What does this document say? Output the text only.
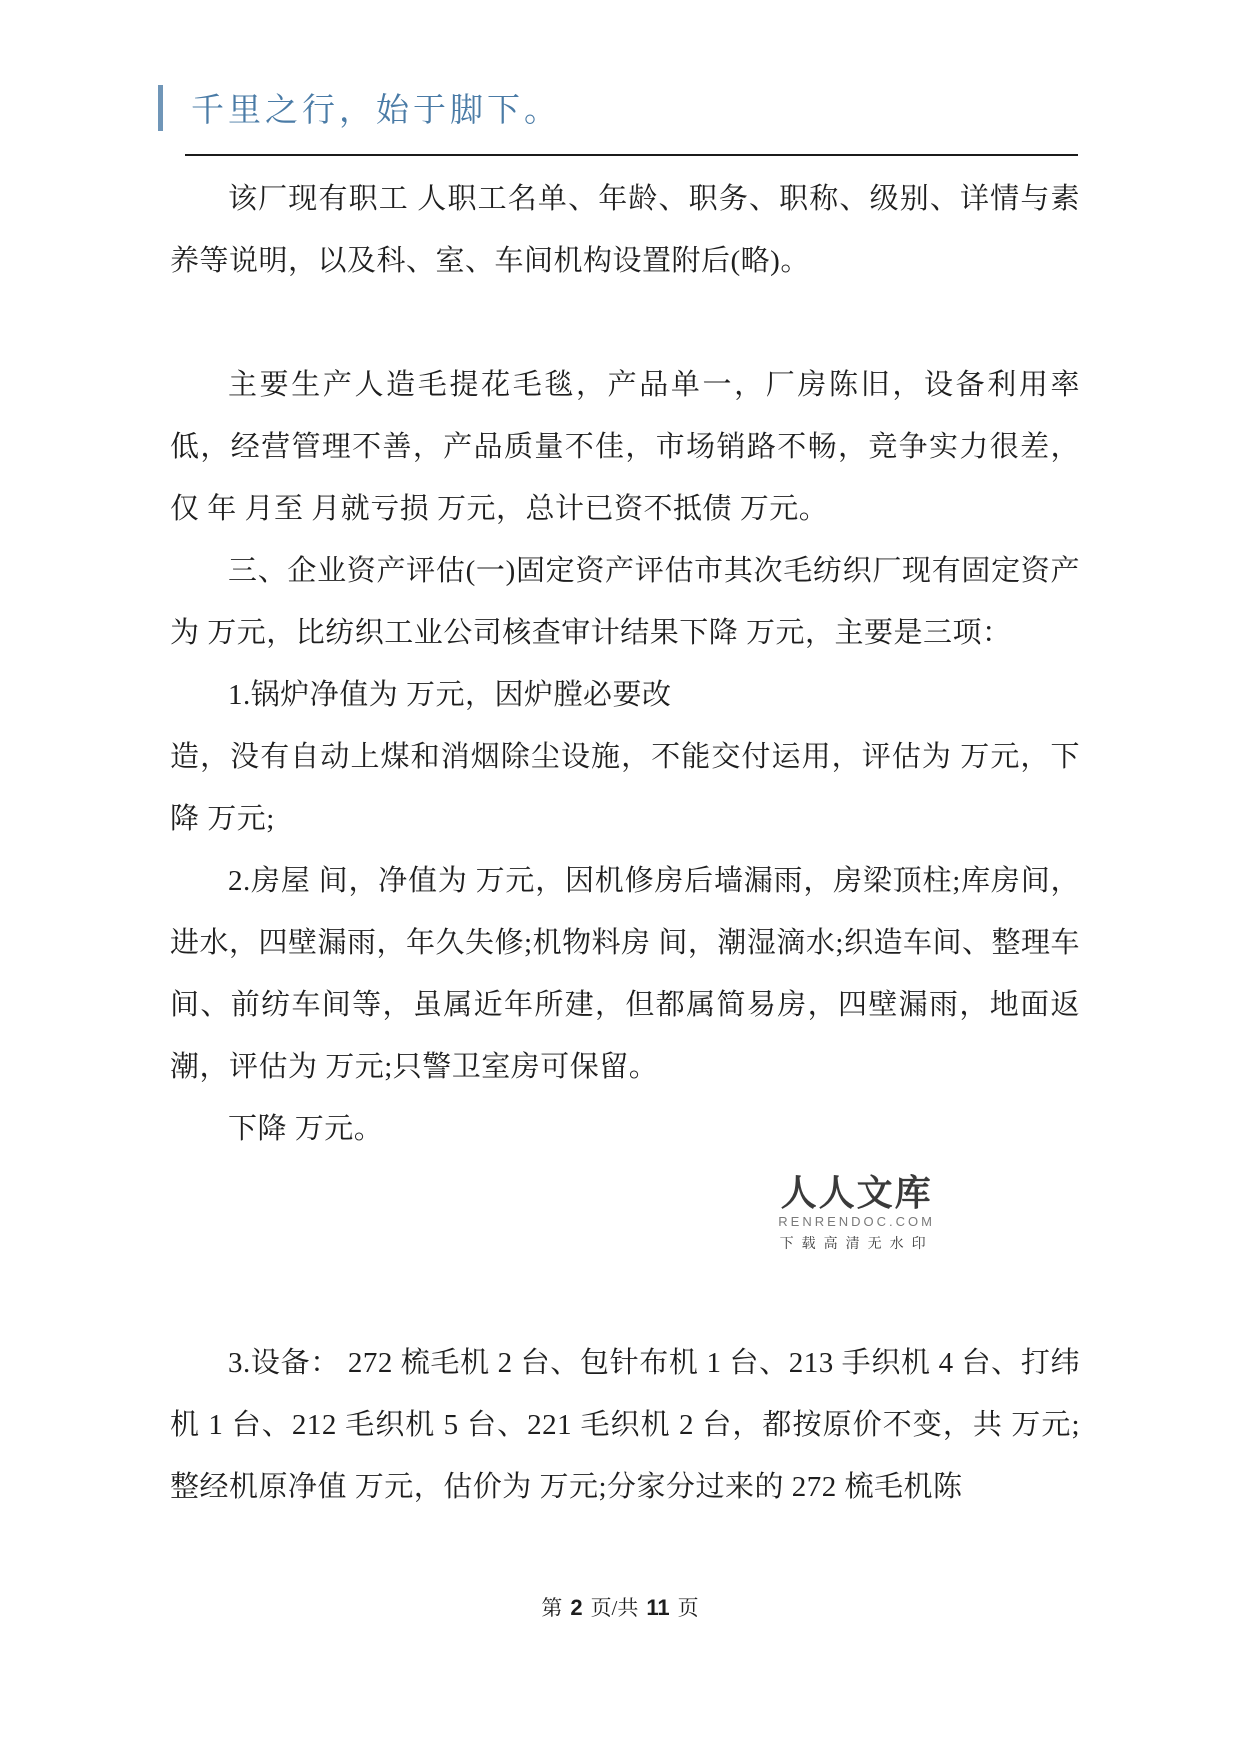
千里之行，始于脚下。

该厂现有职工 人职工名单、年龄、职务、职称、级别、详情与素养等说明，以及科、室、车间机构设置附后(略)。

主要生产人造毛提花毛毯，产品单一，厂房陈旧，设备利用率低，经营管理不善，产品质量不佳，市场销路不畅，竞争实力很差，仅 年 月至 月就亏损 万元，总计已资不抵债 万元。

三、企业资产评估(一)固定资产评估市其次毛纺织厂现有固定资产为 万元，比纺织工业公司核查审计结果下降 万元，主要是三项：

1.锅炉净值为 万元，因炉膛必要改

造，没有自动上煤和消烟除尘设施，不能交付运用，评估为 万元，下降 万元;

2.房屋 间，净值为 万元，因机修房后墙漏雨，房梁顶柱;库房间，进水，四壁漏雨，年久失修;机物料房 间，潮湿滴水;织造车间、整理车间、前纺车间等，虽属近年所建，但都属简易房，四壁漏雨，地面返潮，评估为 万元;只警卫室房可保留。

下降 万元。

人人文库
RENRENDOC.COM
下载高清无水印

3.设备： 272 梳毛机 2 台、包针布机 1 台、213 手织机 4 台、打纬机 1 台、212 毛织机 5 台、221 毛织机 2 台，都按原价不变，共 万元;整经机原净值 万元，估价为 万元;分家分过来的 272 梳毛机陈

第 2 页/共 11 页
